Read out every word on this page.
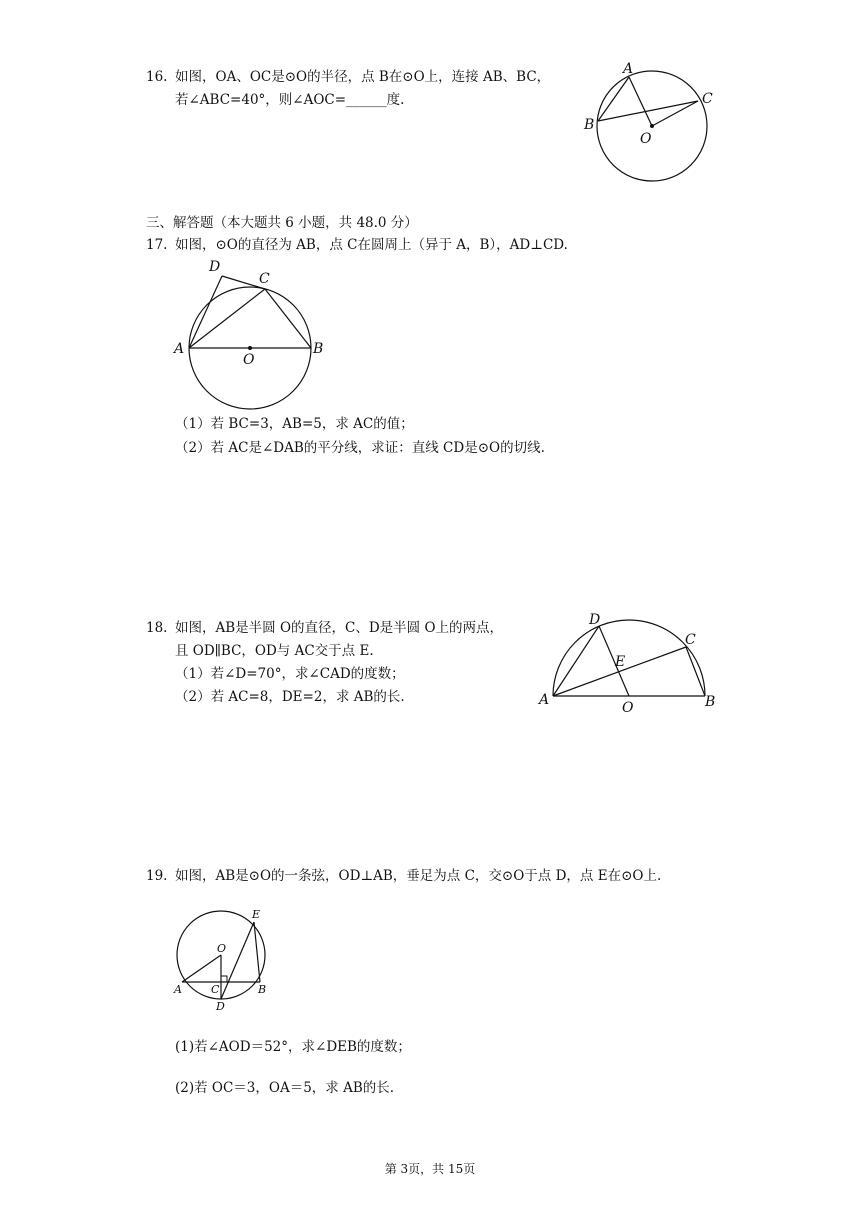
16. 如图，OA、OC是⊙O的半径，点 B在⊙O上，连接 AB、BC，
若∠ABC=40°，则∠AOC=______度.
A
B
C
O
三、解答题（本大题共 6 小题，共 48.0 分）
17. 如图，⊙O的直径为 AB，点 C在圆周上（异于 A，B），AD⊥CD.
A	B
C
D
O
（1）若 BC=3，AB=5，求 AC的值；
（2）若 AC是∠DAB的平分线，求证：直线 CD是⊙O的切线.
18. 如图，AB是半圆 O的直径，C、D是半圆 O上的两点，
且 OD∥BC，OD与 AC交于点 E.
（1）若∠D=70°，求∠CAD的度数；
（2）若 AC=8，DE=2，求 AB的长.	A	B
C
D
E
O
19. 如图，AB是⊙O的一条弦，OD⊥AB，垂足为点 C，交⊙O于点 D，点 E在⊙O上.
A	B
C
D
E
O
(1)若∠AOD＝52°，求∠DEB的度数；
(2)若 OC＝3，OA＝5，求 AB的长.
第 3页，共 15页
